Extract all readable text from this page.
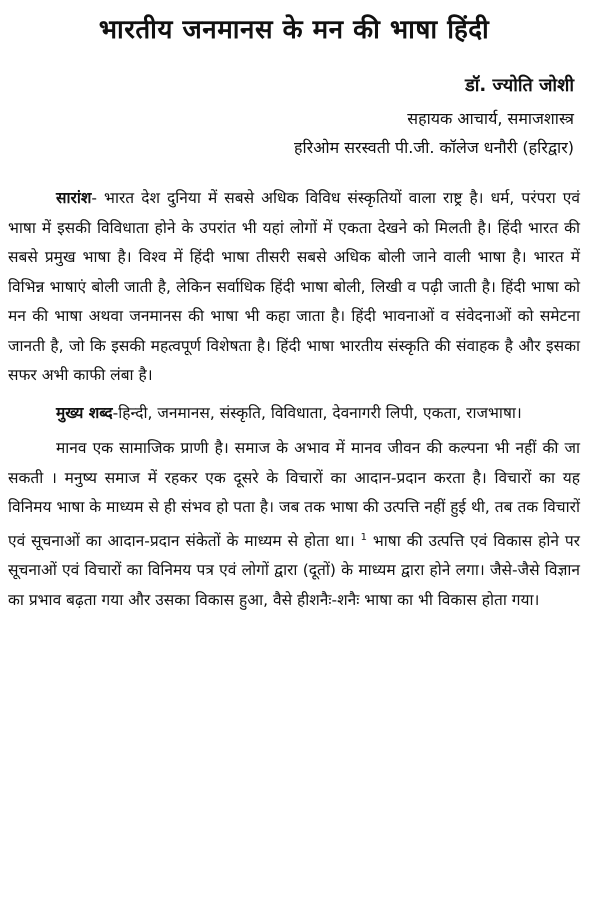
भारतीय जनमानस के मन की भाषा हिंदी
डॉ. ज्योति जोशी
सहायक आचार्य, समाजशास्त्र
हरिओम सरस्वती पी.जी. कॉलेज धनौरी (हरिद्वार)

सारांश- भारत देश दुनिया में सबसे अधिक विविध संस्कृतियों वाला राष्ट्र है। धर्म, परंपरा एवं भाषा में इसकी विविधाता होने के उपरांत भी यहां लोगों में एकता देखने को मिलती है। हिंदी भारत की सबसे प्रमुख भाषा है। विश्व में हिंदी भाषा तीसरी सबसे अधिक बोली जाने वाली भाषा है। भारत में विभिन्न भाषाएं बोली जाती है, लेकिन सर्वाधिक हिंदी भाषा बोली, लिखी व पढ़ी जाती है। हिंदी भाषा को मन की भाषा अथवा जनमानस की भाषा भी कहा जाता है। हिंदी भावनाओं व संवेदनाओं को समेटना जानती है, जो कि इसकी महत्वपूर्ण विशेषता है। हिंदी भाषा भारतीय संस्कृति की संवाहक है और इसका सफर अभी काफी लंबा है।

मुख्य शब्द-हिन्दी, जनमानस, संस्कृति, विविधाता, देवनागरी लिपी, एकता, राजभाषा।

मानव एक सामाजिक प्राणी है। समाज के अभाव में मानव जीवन की कल्पना भी नहीं की जा सकती । मनुष्य समाज में रहकर एक दूसरे के विचारों का आदान-प्रदान करता है। विचारों का यह विनिमय भाषा के माध्यम से ही संभव हो पता है। जब तक भाषा की उत्पत्ति नहीं हुई थी, तब तक विचारों एवं सूचनाओं का आदान-प्रदान संकेतों के माध्यम से होता था। $^1$ भाषा की उत्पत्ति एवं विकास होने पर सूचनाओं एवं विचारों का विनिमय पत्र एवं लोगों द्वारा (दूतों) के माध्यम द्वारा होने लगा। जैसे-जैसे विज्ञान का प्रभाव बढ़ता गया और उसका विकास हुआ, वैसे हीशनैः-शनैः भाषा का भी विकास होता गया।
